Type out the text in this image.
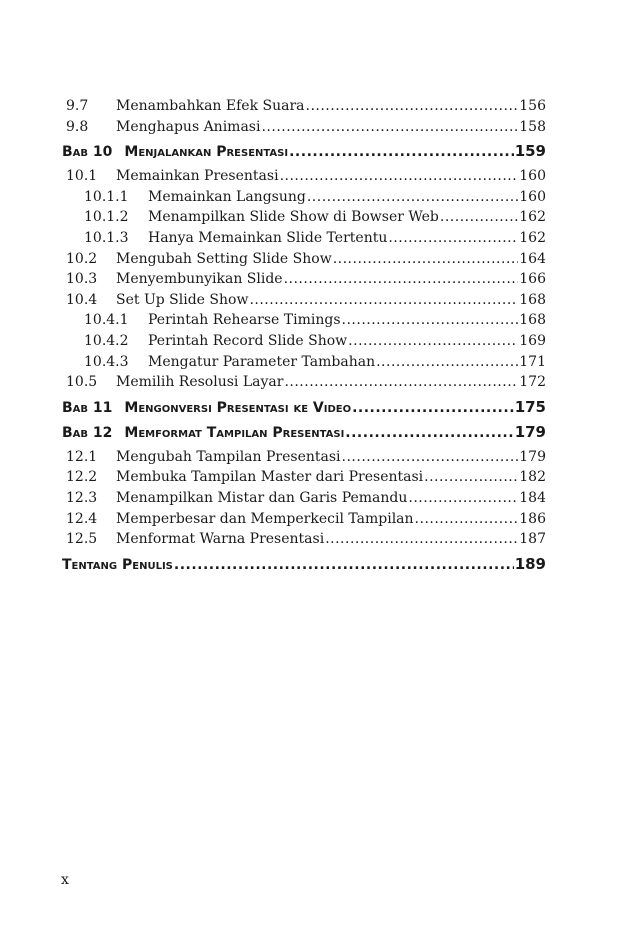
9.7	Menambahkan Efek Suara .....	156
9.8	Menghapus Animasi .....	158
Bab 10 Menjalankan Presentasi .....	159
10.1	Memainkan Presentasi .....	160
10.1.1	Memainkan Langsung .....	160
10.1.2	Menampilkan Slide Show di Bowser Web .....	162
10.1.3	Hanya Memainkan Slide Tertentu .....	162
10.2	Mengubah Setting Slide Show .....	164
10.3	Menyembunyikan Slide .....	166
10.4	Set Up Slide Show .....	168
10.4.1	Perintah Rehearse Timings .....	168
10.4.2	Perintah Record Slide Show .....	169
10.4.3	Mengatur Parameter Tambahan .....	171
10.5	Memilih Resolusi Layar .....	172
Bab 11 Mengonversi Presentasi ke Video .....	175
Bab 12 Memformat Tampilan Presentasi .....	179
12.1	Mengubah Tampilan Presentasi .....	179
12.2	Membuka Tampilan Master dari Presentasi .....	182
12.3	Menampilkan Mistar dan Garis Pemandu .....	184
12.4	Memperbesar dan Memperkecil Tampilan .....	186
12.5	Menformat Warna Presentasi .....	187
Tentang Penulis .....	189
x
